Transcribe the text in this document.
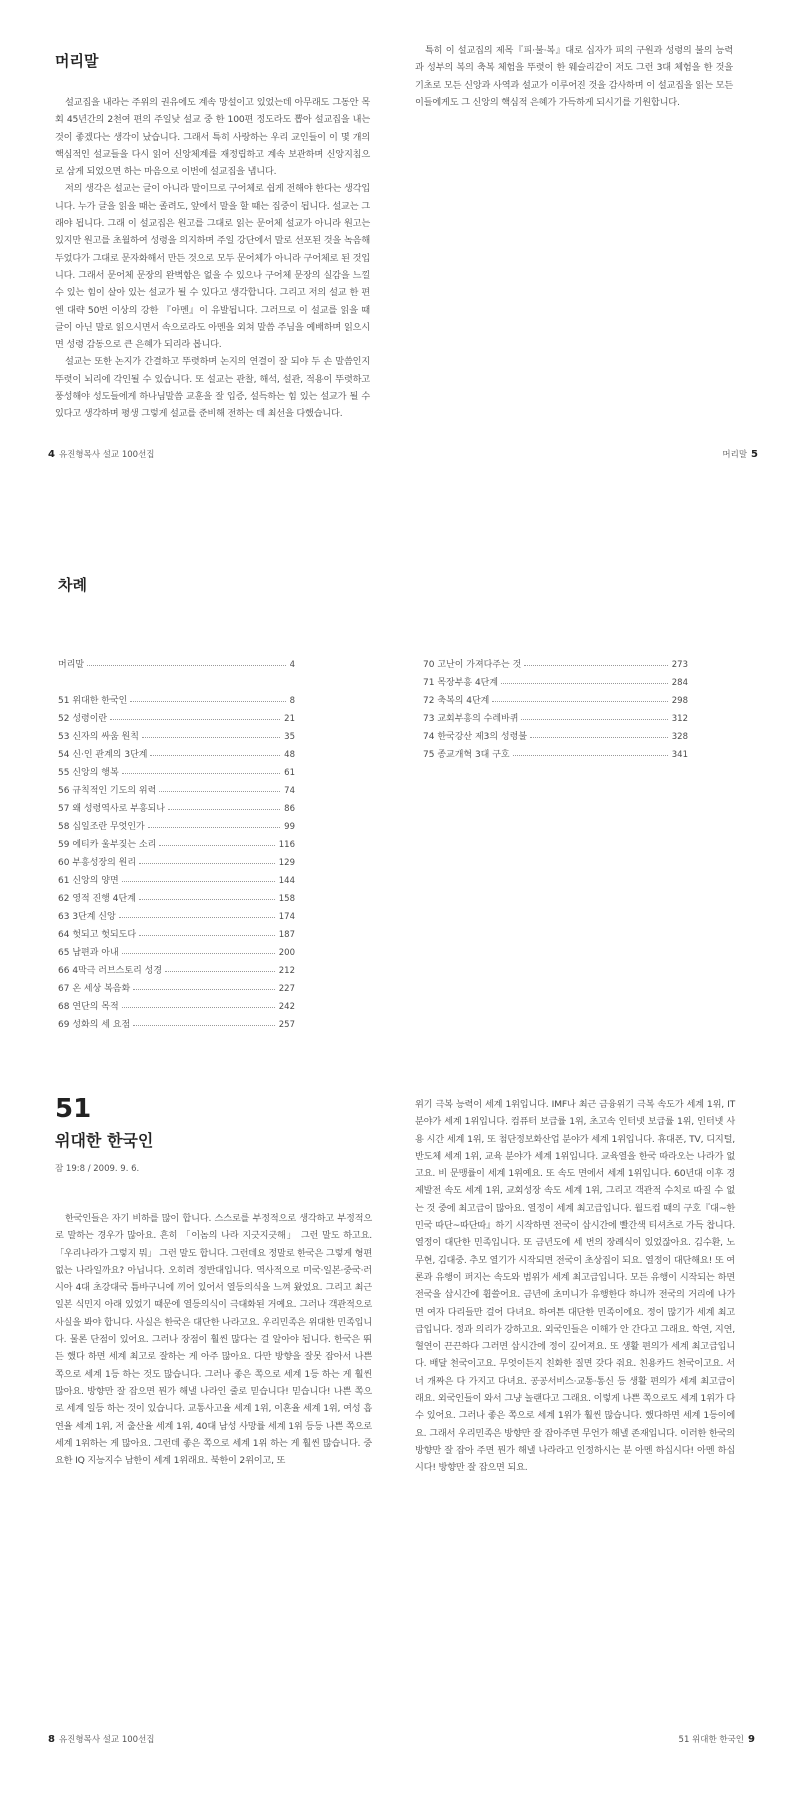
머리말

설교집을 내라는 주위의 권유에도 계속 망설이고 있었는데 아무래도 그동안 목회 45년간의 2천여 편의 주일낮 설교 중 한 100편 정도라도 뽑아 설교집을 내는 것이 좋겠다는 생각이 났습니다. 그래서 특히 사랑하는 우리 교인들이 이 몇 개의 핵심적인 설교들을 다시 읽어 신앙체계를 재정립하고 계속 보관하며 신앙지침으로 삼게 되었으면 하는 마음으로 이번에 설교집을 냅니다.

저의 생각은 설교는 글이 아니라 말이므로 구어체로 쉽게 전해야 한다는 생각입니다. 누가 글을 읽을 때는 졸려도, 앞에서 말을 할 때는 집중이 됩니다. 설교는 그래야 됩니다. 그래 이 설교집은 원고를 그대로 읽는 문어체 설교가 아니라 원고는 있지만 원고를 초월하여 성령을 의지하며 주일 강단에서 말로 선포된 것을 녹음해 두었다가 그대로 문자화해서 만든 것으로 모두 문어체가 아니라 구어체로 된 것입니다. 그래서 문어체 문장의 완벽함은 없을 수 있으나 구어체 문장의 실감을 느낄 수 있는 힘이 살아 있는 설교가 될 수 있다고 생각합니다. 그리고 저의 설교 한 편엔 대략 50번 이상의 강한 『아멘』이 유발됩니다. 그러므로 이 설교를 읽을 때 글이 아닌 말로 읽으시면서 속으로라도 아멘을 외쳐 말씀 주님을 예배하며 읽으시면 성령 감동으로 큰 은혜가 되리라 봅니다.

설교는 또한 논지가 간결하고 뚜렷하며 논지의 연결이 잘 되야 두 손 말씀인지 뚜렷이 뇌리에 각인될 수 있습니다. 또 설교는 관찰, 해석, 설관, 적용이 뚜렷하고 풍성해야 성도들에게 하나님말씀 교훈을 잘 입증, 설득하는 힘 있는 설교가 될 수 있다고 생각하며 평생 그렇게 설교를 준비해 전하는 데 최선을 다했습니다.

특히 이 설교집의 제목『피·불·복』대로 십자가 피의 구원과 성령의 불의 능력과 성부의 복의 축복 체험을 뚜렷이 한 웨슬리같이 저도 그런 3대 체험을 한 것을 기초로 모든 신앙과 사역과 설교가 이루어진 것을 감사하며 이 설교집을 읽는 모든 이들에게도 그 신앙의 핵심적 은혜가 가득하게 되시기를 기원합니다.

4 유진형목사 설교 100선집	머리말 5
차례
머리말	4
51 위대한 한국인	8
52 성령이란	21
53 신자의 싸움 원칙	35
54 신·인 관계의 3단계	48
55 신앙의 행복	61
56 규칙적인 기도의 위력	74
57 왜 성령역사로 부흥되나	86
58 십일조란 무엇인가	99
59 에티카 울부짖는 소리	116
60 부흥성장의 원리	129
61 신앙의 양면	144
62 영적 진행 4단계	158
63 3단계 신앙	174
64 헛되고 헛되도다	187
65 남편과 아내	200
66 4막극 러브스토리 성경	212
67 온 세상 복음화	227
68 연단의 목적	242
69 성화의 세 요점	257
70 고난이 가져다주는 것	273
71 목장부흥 4단계	284
72 축복의 4단계	298
73 교회부흥의 수레바퀴	312
74 한국강산 제3의 성령불	328
75 종교개혁 3대 구호	341
51
위대한 한국인
잠 19:8 / 2009. 9. 6.

한국인들은 자기 비하를 많이 합니다. 스스로를 부정적으로 생각하고 부정적으로 말하는 경우가 많아요. 흔히 「이놈의 나라 지긋지긋해」 그런 말도 하고요. 「우리나라가 그렇지 뭐」 그런 말도 합니다. 그런데요 정말로 한국은 그렇게 형편없는 나라일까요? 아닙니다. 오히려 정반대입니다. 역사적으로 미국·일본·중국·러시아 4대 초강대국 틈바구니에 끼어 있어서 열등의식을 느껴 왔었요. 그리고 최근 일본 식민지 아래 있었기 때문에 열등의식이 극대화된 거예요. 그러나 객관적으로 사실을 봐야 합니다. 사실은 한국은 대단한 나라고요. 우리민족은 위대한 민족입니다. 물론 단점이 있어요. 그러나 장점이 훨씬 많다는 걸 알아야 됩니다. 한국은 뛰든 했다 하면 세계 최고로 잘하는 게 아주 많아요. 다만 방향을 잘못 잡아서 나쁜 쪽으로 세계 1등 하는 것도 많습니다. 그러나 좋은 쪽으로 세계 1등 하는 게 훨씬 많아요. 방향만 잘 잡으면 뭔가 해낼 나라인 줄로 믿습니다! 믿습니다! 나쁜 쪽으로 세계 일등 하는 것이 있습니다. 교통사고율 세계 1위, 이혼율 세계 1위, 여성 흡연율 세계 1위, 저 출산율 세계 1위, 40대 남성 사망률 세계 1위 등등 나쁜 쪽으로 세계 1위하는 게 많아요. 그런데 좋은 쪽으로 세계 1위 하는 게 훨씬 많습니다. 중요한 IQ 지능지수 남한이 세계 1위래요. 북한이 2위이고, 또

위기 극복 능력이 세계 1위입니다. IMF나 최근 금융위기 극복 속도가 세계 1위, IT 분야가 세계 1위입니다. 컴퓨터 보급률 1위, 초고속 인터넷 보급률 1위, 인터넷 사용 시간 세계 1위, 또 첨단정보화산업 분야가 세계 1위입니다. 휴대폰, TV, 디지털, 반도체 세계 1위, 교육 분야가 세계 1위입니다. 교육열을 한국 따라오는 나라가 없고요. 비 문맹률이 세계 1위예요. 또 속도 면에서 세계 1위입니다. 60년대 이후 경제발전 속도 세계 1위, 교회성장 속도 세계 1위, 그리고 객관적 수치로 따질 수 없는 것 중에 최고급이 많아요. 열정이 세계 최고급입니다. 월드컵 때의 구호『대~한민국 따단~따단따』하기 시작하면 전국이 삽시간에 빨간색 티셔츠로 가득 찹니다. 열정이 대단한 민족입니다. 또 금년도에 세 번의 장례식이 있었잖아요. 김수환, 노무현, 김대중. 추모 열기가 시작되면 전국이 초상집이 되요. 열정이 대단해요! 또 여론과 유행이 퍼지는 속도와 범위가 세계 최고급입니다. 모든 유행이 시작되는 하면 전국을 삽시간에 휩쓸어요. 금년에 초미니가 유행한다 하니까 전국의 거리에 나가면 여자 다리들만 걸어 다녀요. 하여튼 대단한 민족이에요. 정이 많기가 세계 최고급입니다. 정과 의리가 강하고요. 외국인들은 이해가 안 간다고 그래요. 학연, 지연, 혈연이 끈끈하다 그러면 삽시간에 정이 깊어져요. 또 생활 편의가 세계 최고급입니다. 배달 천국이고요. 무엇이든지 친화한 질면 갖다 줘요. 친용카드 천국이고요. 서너 개짜은 다 가지고 다녀요. 공공서비스·교통·통신 등 생활 편의가 세계 최고급이래요. 외국인들이 와서 그냥 놀랜다고 그래요. 이렇게 나쁜 쪽으로도 세계 1위가 다수 있어요. 그러나 좋은 쪽으로 세계 1위가 훨씬 많습니다. 했다하면 세계 1등이에요. 그래서 우리민족은 방향만 잘 잡아주면 무언가 해낼 존재입니다. 이러한 한국의 방향만 잘 잡아 주면 뭔가 해낼 나라라고 인정하시는 분 아멘 하십시다! 아멘 하십시다! 방향만 잘 잡으면 되요.

8 유진형목사 설교 100선집	51 위대한 한국인 9
